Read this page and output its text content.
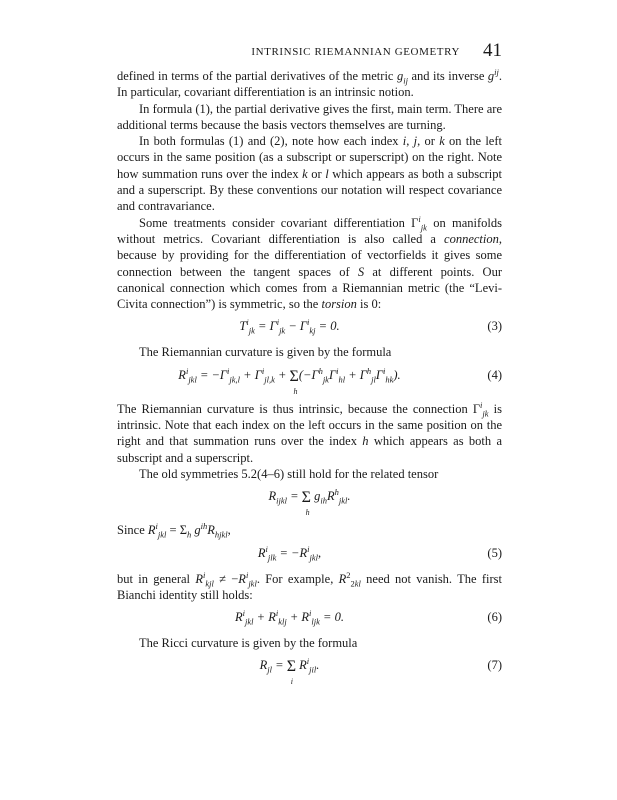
INTRINSIC RIEMANNIAN GEOMETRY 41

defined in terms of the partial derivatives of the metric $g_{ij}$ and its inverse $g^{ij}$. In particular, covariant differentiation is an intrinsic notion.

In formula (1), the partial derivative gives the first, main term. There are additional terms because the basis vectors themselves are turning.

In both formulas (1) and (2), note how each index i, j, or k on the left occurs in the same position (as a subscript or superscript) on the right. Note how summation runs over the index k or l which appears as both a subscript and a superscript. By these conventions our notation will respect covariance and contravariance.

Some treatments consider covariant differentiation $\Gamma^i_{jk}$ on manifolds without metrics. Covariant differentiation is also called a connection, because by providing for the differentiation of vectorfields it gives some connection between the tangent spaces of S at different points. Our canonical connection which comes from a Riemannian metric (the “Levi-Civita connection”) is symmetric, so the torsion is 0:

$T^i_{jk} = \Gamma^i_{jk} - \Gamma^i_{kj} = 0$.	(3)

The Riemannian curvature is given by the formula

$R^i_{jkl} = -\Gamma^i_{jk,l} + \Gamma^i_{jl,k} + \Sigma$
h
$(-\Gamma^h_{jk}\Gamma^i_{hl} + \Gamma^h_{jl}\Gamma^i_{hk})$.	(4)

The Riemannian curvature is thus intrinsic, because the connection $\Gamma^i_{jk}$ is intrinsic. Note that each index on the left occurs in the same position on the right and that summation runs over the index h which appears as both a subscript and a superscript.

The old symmetries 5.2(4–6) still hold for the related tensor

$R_{ijkl} = \Sigma$
h
$g_{ih}R^h_{jkl}$.

Since $R^i_{jkl} = \Sigma_h$ $g^{ih}R_{hjkl}$,

$R^i_{jlk} = -R^i_{jkl}$,	(5)

but in general $R^i_{kjl} \ne -R^i_{jkl}$. For example, $R^2_{2kl}$ need not vanish. The first Bianchi identity still holds:

$R^i_{jkl} + R^i_{klj} + R^i_{ljk} = 0$.	(6)

The Ricci curvature is given by the formula

$R_{jl} = \Sigma$
i
$R^i_{jil}$.	(7)
